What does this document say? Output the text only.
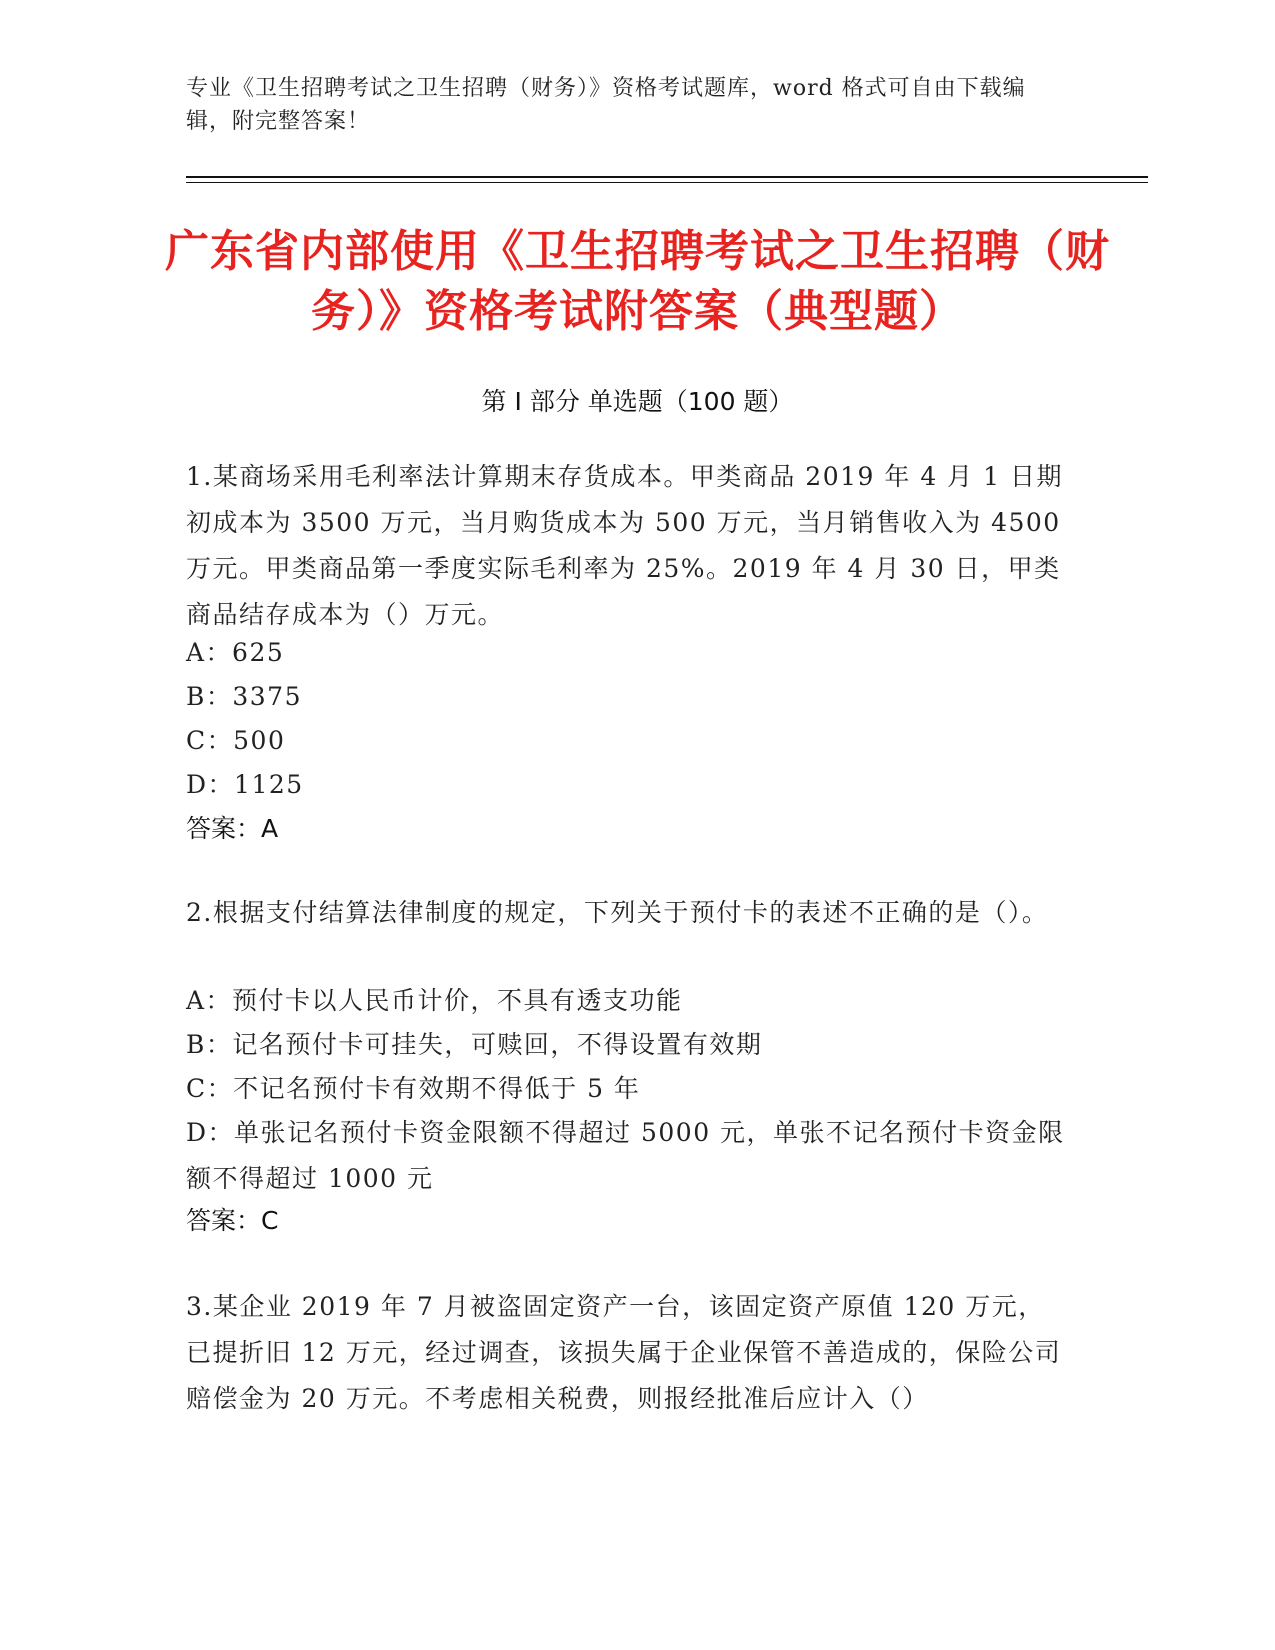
专业《卫生招聘考试之卫生招聘（财务）》资格考试题库，word 格式可自由下载编辑，附完整答案！
广东省内部使用《卫生招聘考试之卫生招聘（财务）》资格考试附答案（典型题）
第 I 部分 单选题（100 题）
1.某商场采用毛利率法计算期末存货成本。甲类商品 2019 年 4 月 1 日期初成本为 3500 万元，当月购货成本为 500 万元，当月销售收入为 4500 万元。甲类商品第一季度实际毛利率为 25%。2019 年 4 月 30 日，甲类商品结存成本为（）万元。
A：625
B：3375
C：500
D：1125
答案：A
2.根据支付结算法律制度的规定，下列关于预付卡的表述不正确的是（）。
A：预付卡以人民币计价，不具有透支功能
B：记名预付卡可挂失，可赎回，不得设置有效期
C：不记名预付卡有效期不得低于 5 年
D：单张记名预付卡资金限额不得超过 5000 元，单张不记名预付卡资金限额不得超过 1000 元
答案：C
3.某企业 2019 年 7 月被盗固定资产一台，该固定资产原值 120 万元，已提折旧 12 万元，经过调查，该损失属于企业保管不善造成的，保险公司赔偿金为 20 万元。不考虑相关税费，则报经批准后应计入（）
